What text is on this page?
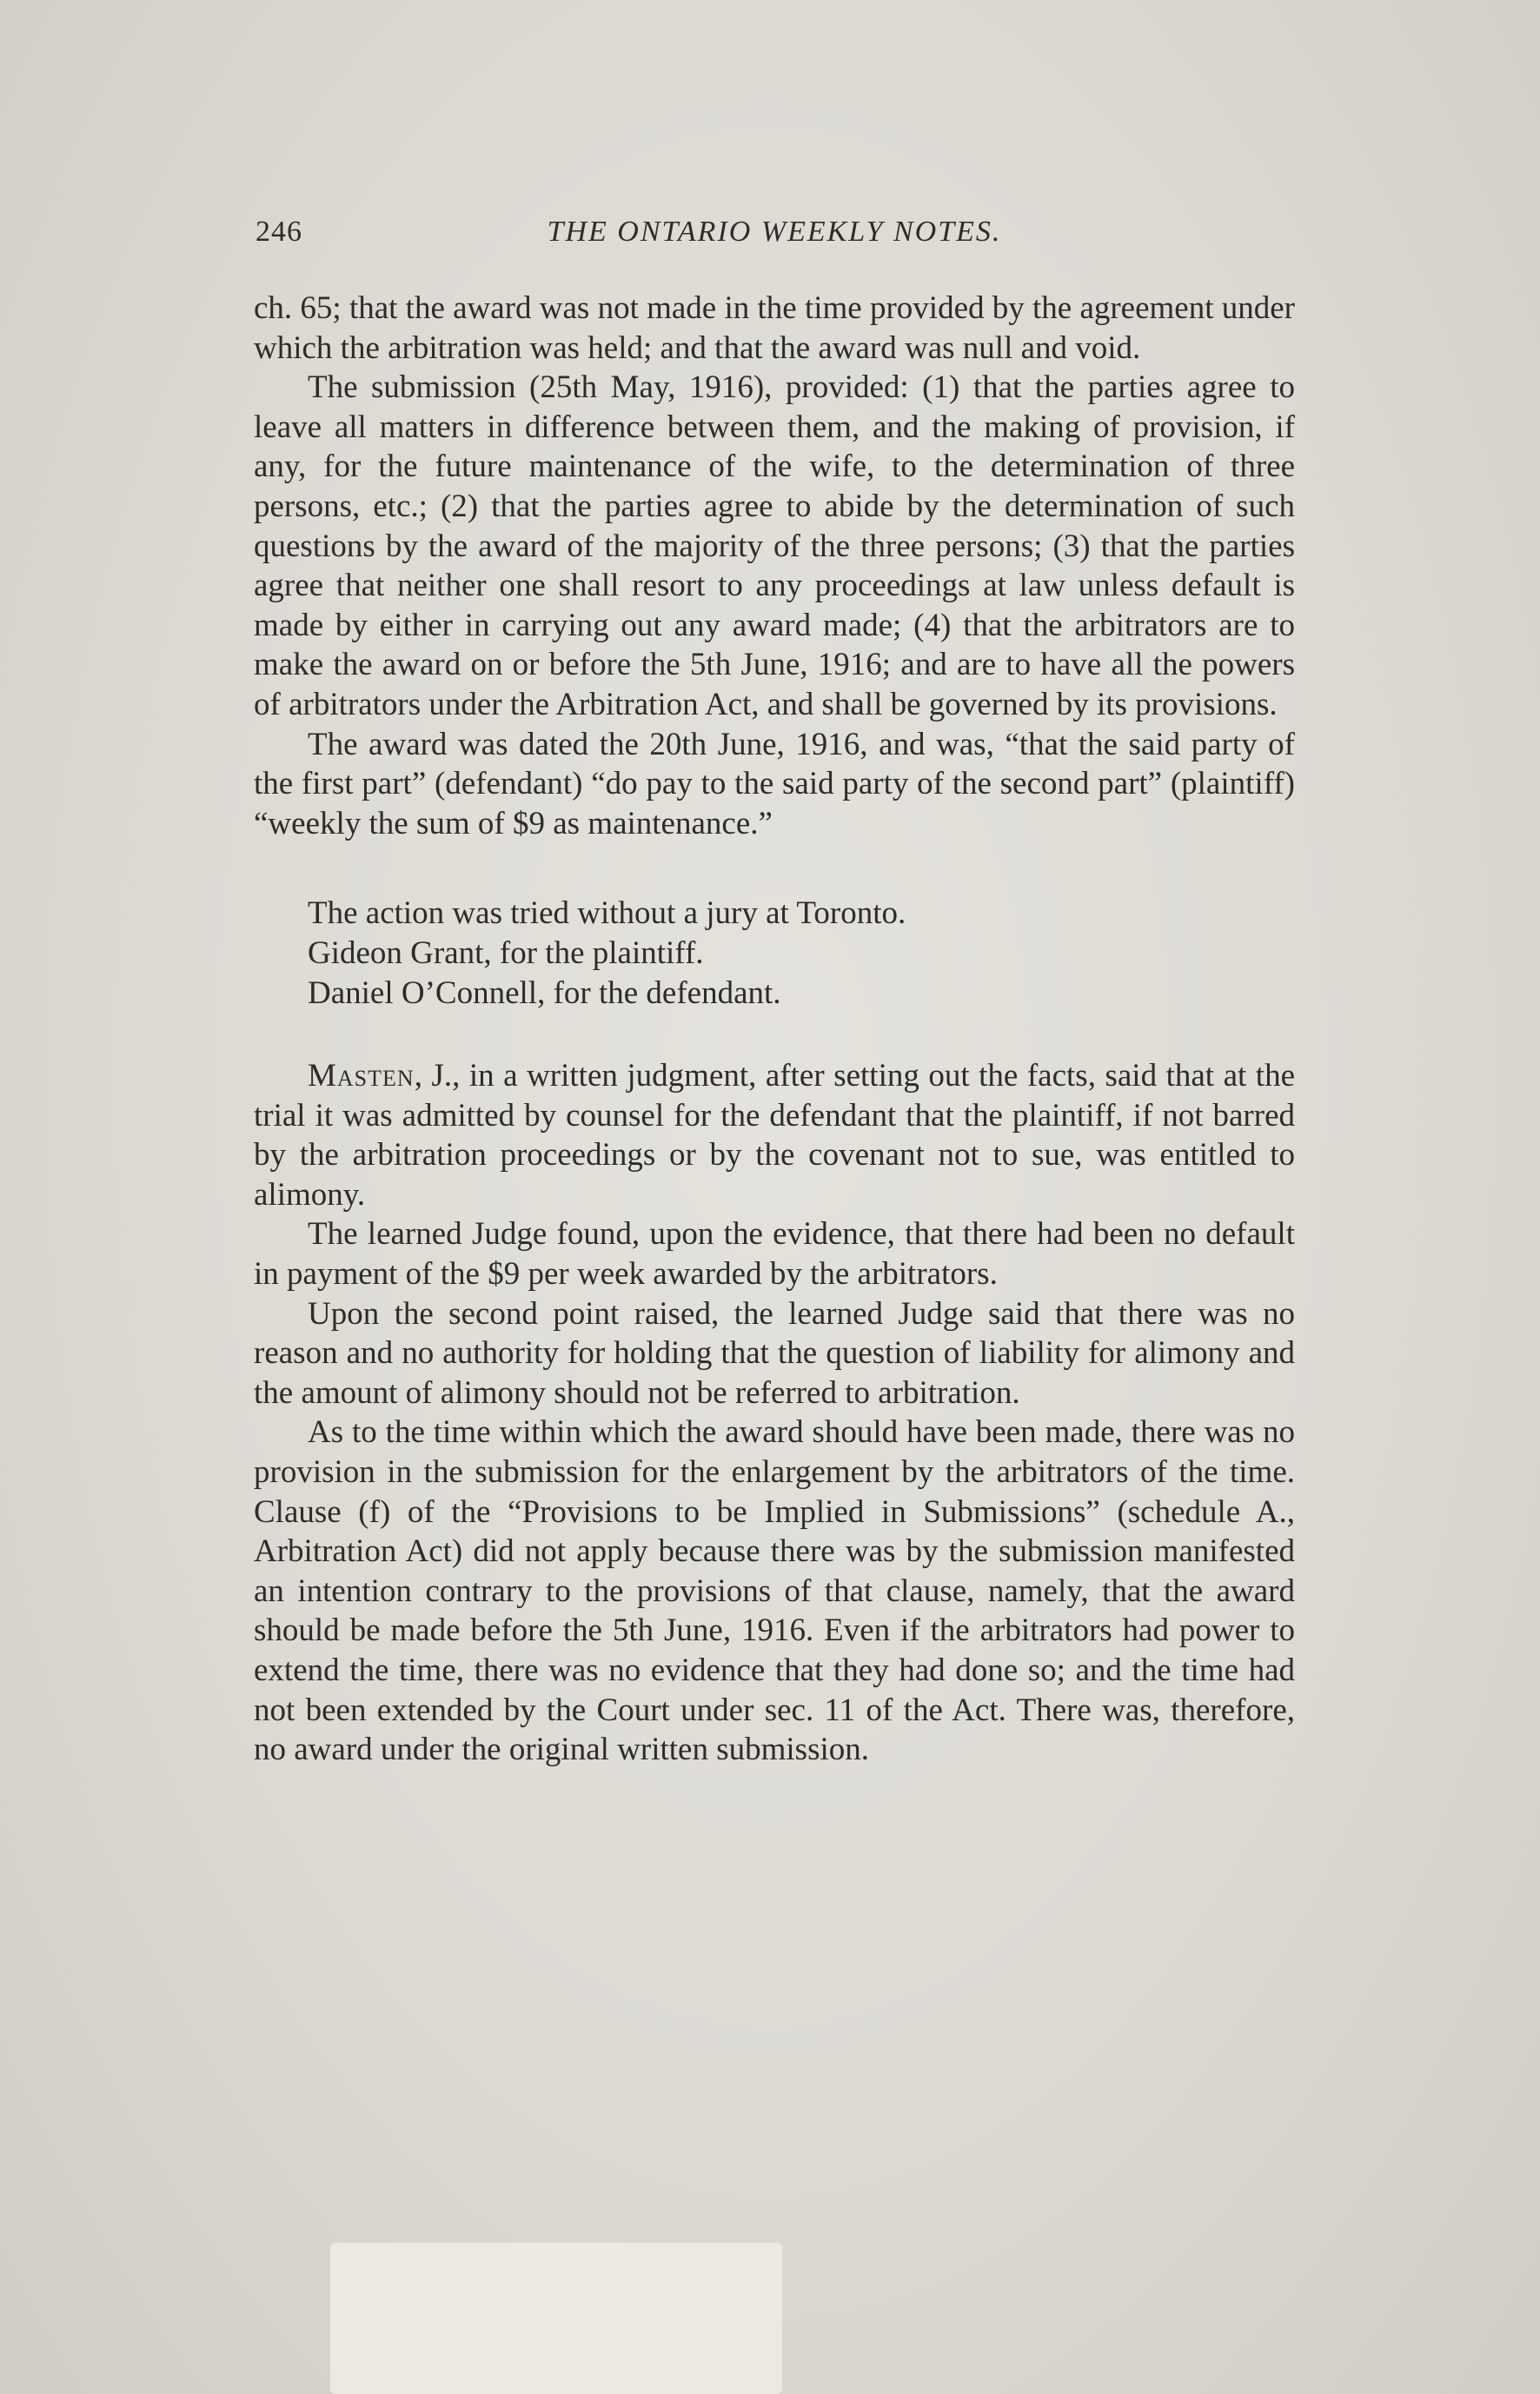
246	THE ONTARIO WEEKLY NOTES.

ch. 65; that the award was not made in the time provided by the agreement under which the arbitration was held; and that the award was null and void.

The submission (25th May, 1916), provided: (1) that the parties agree to leave all matters in difference between them, and the making of provision, if any, for the future maintenance of the wife, to the determination of three persons, etc.; (2) that the parties agree to abide by the determination of such questions by the award of the majority of the three persons; (3) that the parties agree that neither one shall resort to any proceedings at law unless default is made by either in carrying out any award made; (4) that the arbitrators are to make the award on or before the 5th June, 1916; and are to have all the powers of arbitrators under the Arbitration Act, and shall be governed by its provisions.

The award was dated the 20th June, 1916, and was, “that the said party of the first part” (defendant) “do pay to the said party of the second part” (plaintiff) “weekly the sum of $9 as maintenance.”

The action was tried without a jury at Toronto.

Gideon Grant, for the plaintiff.

Daniel O’Connell, for the defendant.

Masten, J., in a written judgment, after setting out the facts, said that at the trial it was admitted by counsel for the defendant that the plaintiff, if not barred by the arbitration proceedings or by the covenant not to sue, was entitled to alimony.

The learned Judge found, upon the evidence, that there had been no default in payment of the $9 per week awarded by the arbitrators.

Upon the second point raised, the learned Judge said that there was no reason and no authority for holding that the question of liability for alimony and the amount of alimony should not be referred to arbitration.

As to the time within which the award should have been made, there was no provision in the submission for the enlargement by the arbitrators of the time. Clause (f) of the “Provisions to be Implied in Submissions” (schedule A., Arbitration Act) did not apply because there was by the submission manifested an intention contrary to the provisions of that clause, namely, that the award should be made before the 5th June, 1916. Even if the arbitrators had power to extend the time, there was no evidence that they had done so; and the time had not been extended by the Court under sec. 11 of the Act. There was, therefore, no award under the original written submission.
